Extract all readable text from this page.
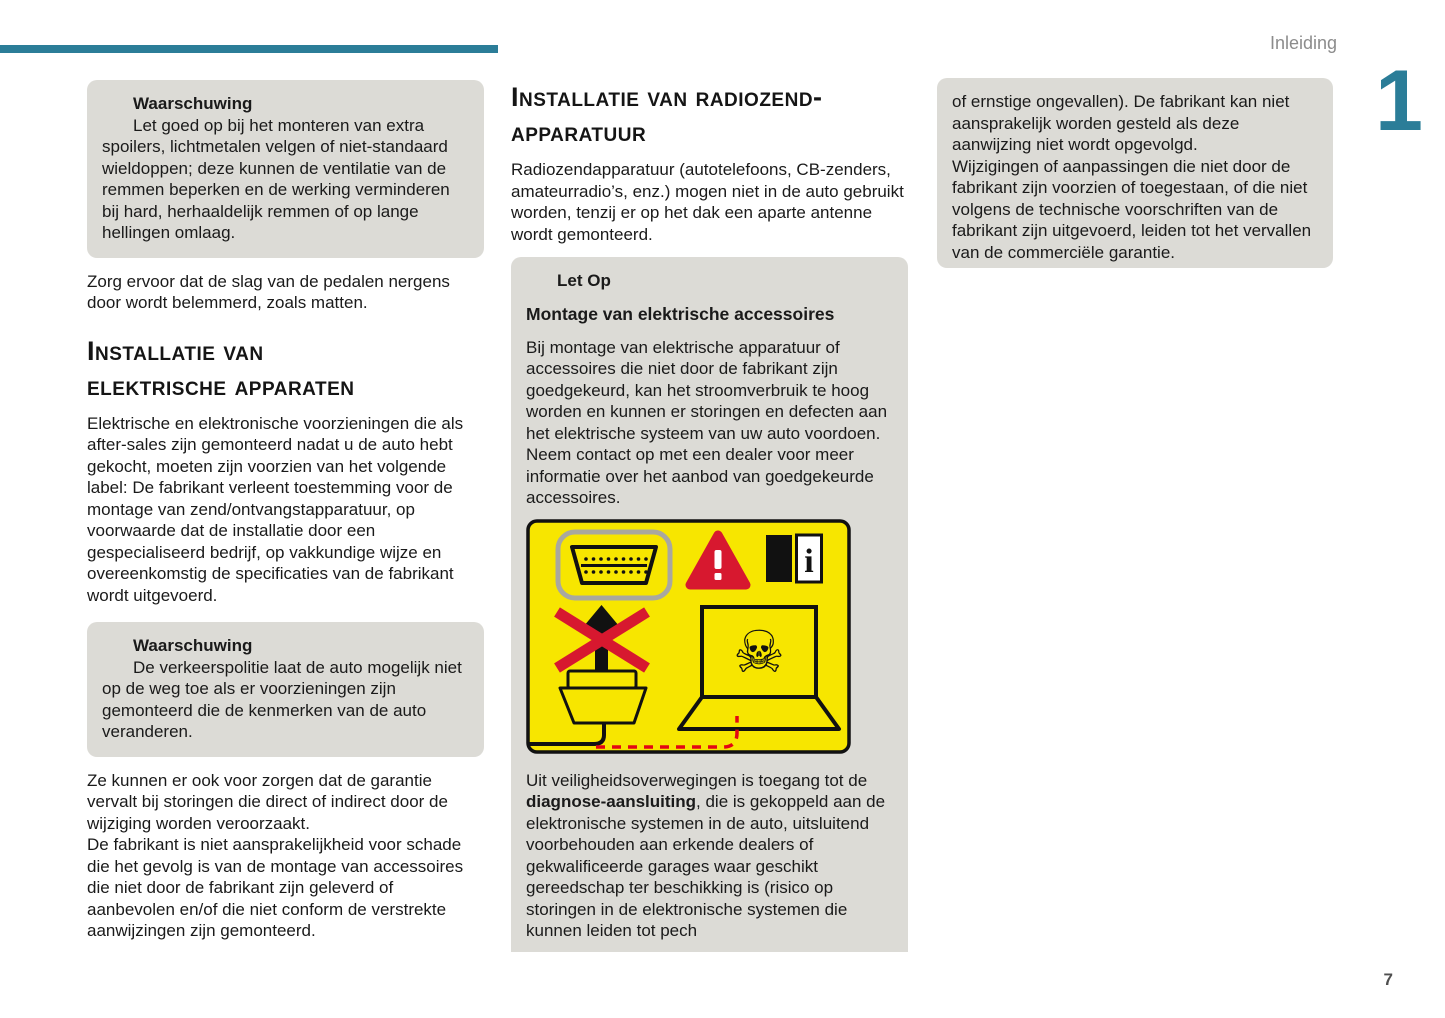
Inleiding
1
7

Waarschuwing
Let goed op bij het monteren van extra spoilers, lichtmetalen velgen of niet-standaard wieldoppen; deze kunnen de ventilatie van de remmen beperken en de werking verminderen bij hard, herhaaldelijk remmen of op lange hellingen omlaag.

Zorg ervoor dat de slag van de pedalen nergens door wordt belemmerd, zoals matten.

Installatie van
elektrische apparaten

Elektrische en elektronische voorzieningen die als after-sales zijn gemonteerd nadat u de auto hebt gekocht, moeten zijn voorzien van het volgende label: De fabrikant verleent toestemming voor de montage van zend/ontvangstapparatuur, op voorwaarde dat de installatie door een gespecialiseerd bedrijf, op vakkundige wijze en overeenkomstig de specificaties van de fabrikant wordt uitgevoerd.

Waarschuwing
De verkeerspolitie laat de auto mogelijk niet op de weg toe als er voorzieningen zijn gemonteerd die de kenmerken van de auto veranderen.

Ze kunnen er ook voor zorgen dat de garantie vervalt bij storingen die direct of indirect door de wijziging worden veroorzaakt.

De fabrikant is niet aansprakelijkheid voor schade die het gevolg is van de montage van accessoires die niet door de fabrikant zijn geleverd of aanbevolen en/of die niet conform de verstrekte aanwijzingen zijn gemonteerd.

Installatie van radiozend-
apparatuur

Radiozendapparatuur (autotelefoons, CB-zenders, amateurradio’s, enz.) mogen niet in de auto gebruikt worden, tenzij er op het dak een aparte antenne wordt gemonteerd.

Let Op
Montage van elektrische accessoires

Bij montage van elektrische apparatuur of accessoires die niet door de fabrikant zijn goedgekeurd, kan het stroomverbruik te hoog worden en kunnen er storingen en defecten aan het elektrische systeem van uw auto voordoen.

Neem contact op met een dealer voor meer informatie over het aanbod van goedgekeurde accessoires.

i
☠

Uit veiligheidsoverwegingen is toegang tot de diagnose-aansluiting, die is gekoppeld aan de elektronische systemen in de auto, uitsluitend voorbehouden aan erkende dealers of gekwalificeerde garages waar geschikt gereedschap ter beschikking is (risico op storingen in de elektronische systemen die kunnen leiden tot pech

of ernstige ongevallen). De fabrikant kan niet aansprakelijk worden gesteld als deze aanwijzing niet wordt opgevolgd.

Wijzigingen of aanpassingen die niet door de fabrikant zijn voorzien of toegestaan, of die niet volgens de technische voorschriften van de fabrikant zijn uitgevoerd, leiden tot het vervallen van de commerciële garantie.
